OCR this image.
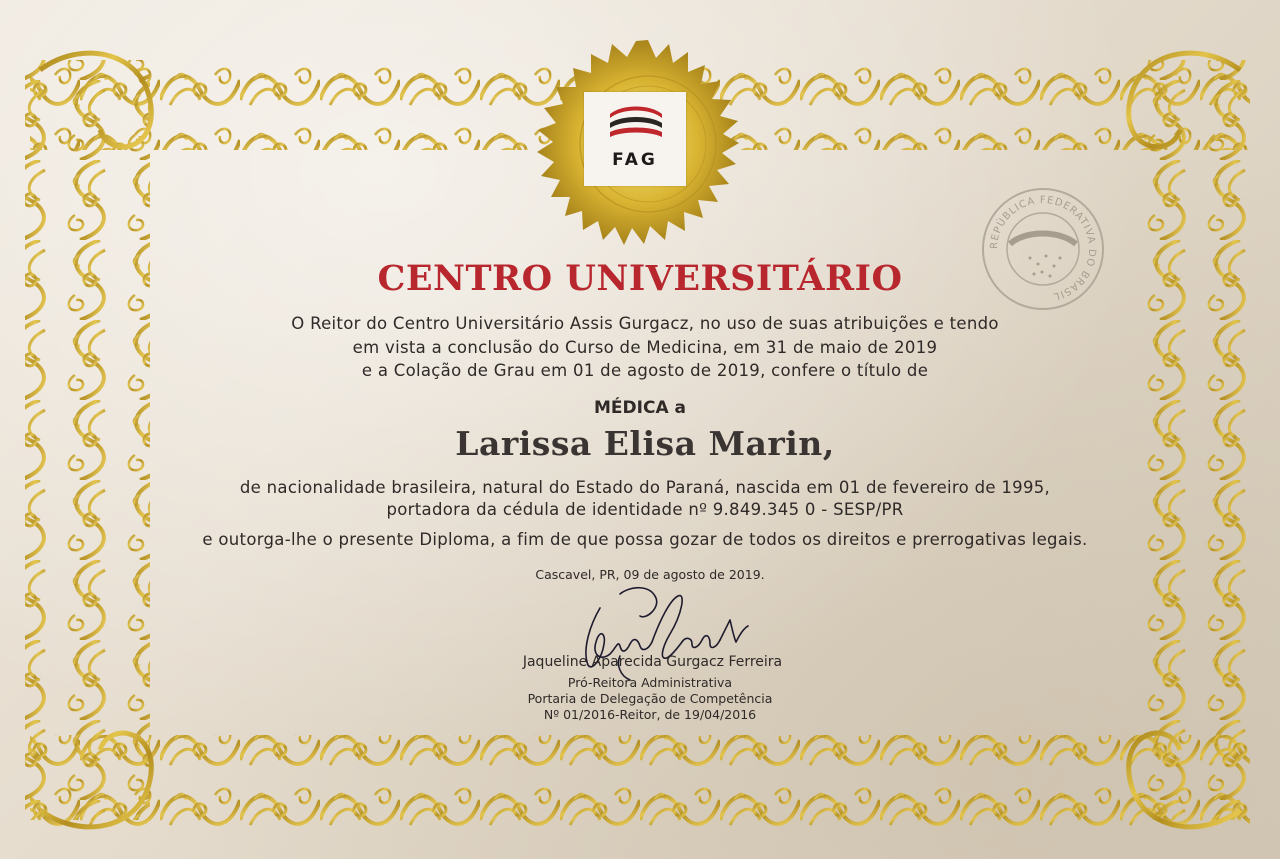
FAG
REPÚBLICA FEDERATIVA DO BRASIL
ORDEM E PROGRESSO
CENTRO UNIVERSITÁRIO
O Reitor do Centro Universitário Assis Gurgacz, no uso de suas atribuições e tendo
em vista a conclusão do Curso de Medicina, em 31 de maio de 2019
e a Colação de Grau em 01 de agosto de 2019, confere o título de
MÉDICA a
Larissa Elisa Marin,
de nacionalidade brasileira, natural do Estado do Paraná, nascida em 01 de fevereiro de 1995,
portadora da cédula de identidade nº 9.849.345 0 - SESP/PR
e outorga-lhe o presente Diploma, a fim de que possa gozar de todos os direitos e prerrogativas legais.
Cascavel, PR, 09 de agosto de 2019.
Jaqueline Aparecida Gurgacz Ferreira
Pró-Reitora Administrativa
Portaria de Delegação de Competência
Nº 01/2016-Reitor, de 19/04/2016
